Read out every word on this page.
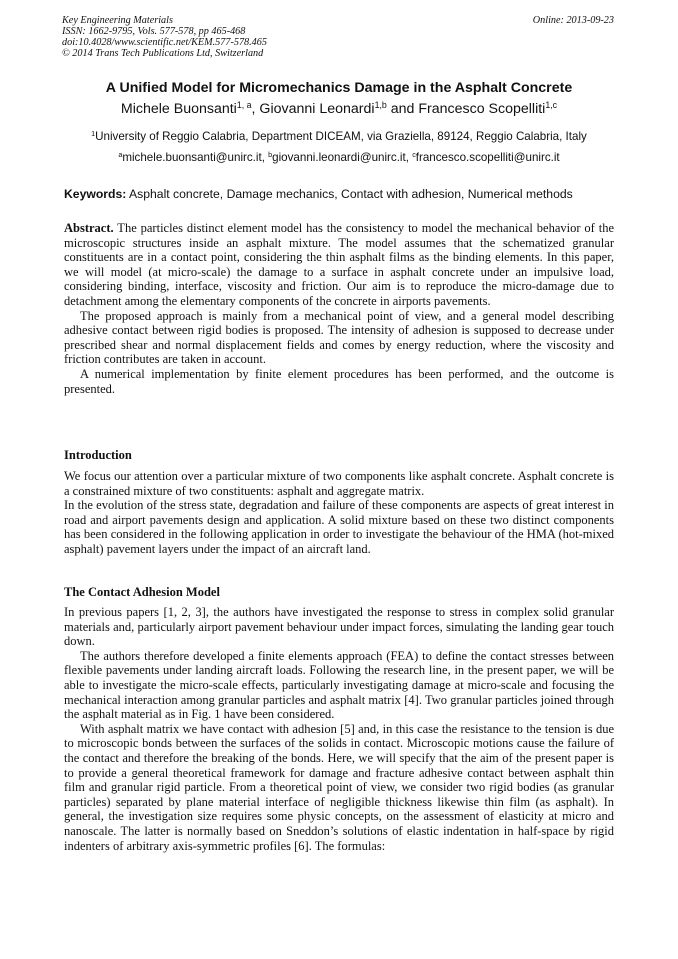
Key Engineering Materials
ISSN: 1662-9795, Vols. 577-578, pp 465-468
doi:10.4028/www.scientific.net/KEM.577-578.465
© 2014 Trans Tech Publications Ltd, Switzerland
Online: 2013-09-23
A Unified Model for Micromechanics Damage in the Asphalt Concrete
Michele Buonsanti$^{1, a}$, Giovanni Leonardi$^{1,b}$ and Francesco Scopelliti$^{1,c}$
$^1$University of Reggio Calabria, Department DICEAM, via Graziella, 89124, Reggio Calabria, Italy
$^a$michele.buonsanti@unirc.it, $^b$giovanni.leonardi@unirc.it, $^c$francesco.scopelliti@unirc.it
Keywords: Asphalt concrete, Damage mechanics, Contact with adhesion, Numerical methods

Abstract. The particles distinct element model has the consistency to model the mechanical behavior of the microscopic structures inside an asphalt mixture. The model assumes that the schematized granular constituents are in a contact point, considering the thin asphalt films as the binding elements. In this paper, we will model (at micro-scale) the damage to a surface in asphalt concrete under an impulsive load, considering binding, interface, viscosity and friction. Our aim is to reproduce the micro-damage due to detachment among the elementary components of the concrete in airports pavements.

The proposed approach is mainly from a mechanical point of view, and a general model describing adhesive contact between rigid bodies is proposed. The intensity of adhesion is supposed to decrease under prescribed shear and normal displacement fields and comes by energy reduction, where the viscosity and friction contributes are taken in account.

A numerical implementation by finite element procedures has been performed, and the outcome is presented.

Introduction

We focus our attention over a particular mixture of two components like asphalt concrete. Asphalt concrete is a constrained mixture of two constituents: asphalt and aggregate matrix.

In the evolution of the stress state, degradation and failure of these components are aspects of great interest in road and airport pavements design and application. A solid mixture based on these two distinct components has been considered in the following application in order to investigate the behaviour of the HMA (hot-mixed asphalt) pavement layers under the impact of an aircraft land.

The Contact Adhesion Model

In previous papers [1, 2, 3], the authors have investigated the response to stress in complex solid granular materials and, particularly airport pavement behaviour under impact forces, simulating the landing gear touch down.

The authors therefore developed a finite elements approach (FEA) to define the contact stresses between flexible pavements under landing aircraft loads. Following the research line, in the present paper, we will be able to investigate the micro-scale effects, particularly investigating damage at micro-scale and focusing the mechanical interaction among granular particles and asphalt matrix [4]. Two granular particles joined through the asphalt material as in Fig. 1 have been considered.

With asphalt matrix we have contact with adhesion [5] and, in this case the resistance to the tension is due to microscopic bonds between the surfaces of the solids in contact. Microscopic motions cause the failure of the contact and therefore the breaking of the bonds. Here, we will specify that the aim of the present paper is to provide a general theoretical framework for damage and fracture adhesive contact between asphalt thin film and granular rigid particle. From a theoretical point of view, we consider two rigid bodies (as granular particles) separated by plane material interface of negligible thickness likewise thin film (as asphalt). In general, the investigation size requires some physic concepts, on the assessment of elasticity at micro and nanoscale. The latter is normally based on Sneddon’s solutions of elastic indentation in half-space by rigid indenters of arbitrary axis-symmetric profiles [6]. The formulas:
